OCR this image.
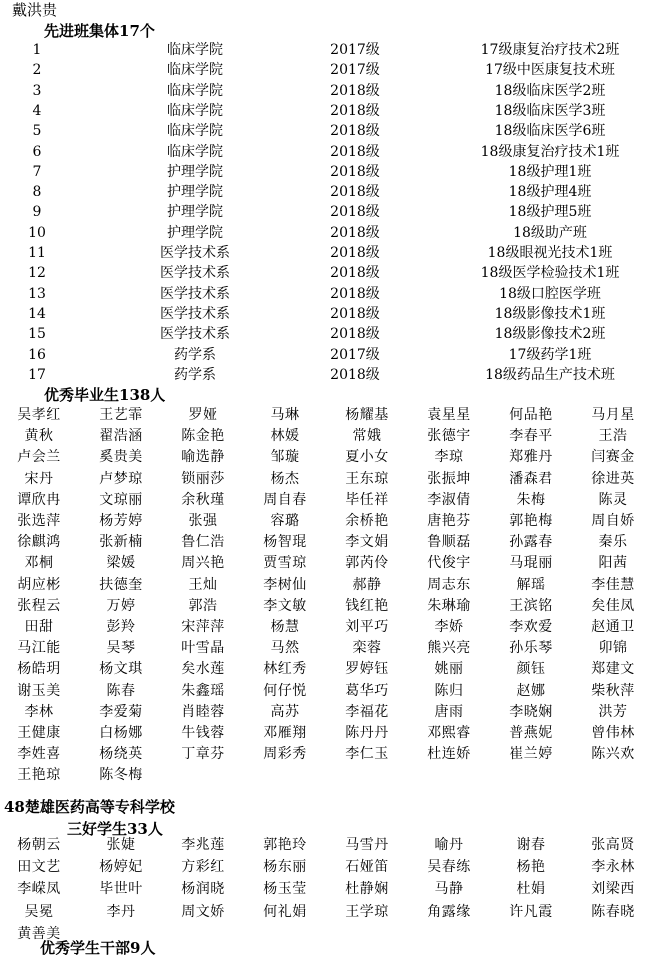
戴洪贵
先进班集体17个
1	临床学院	2017级	17级康复治疗技术2班
2	临床学院	2017级	17级中医康复技术班
3	临床学院	2018级	18级临床医学2班
4	临床学院	2018级	18级临床医学3班
5	临床学院	2018级	18级临床医学6班
6	临床学院	2018级	18级康复治疗技术1班
7	护理学院	2018级	18级护理1班
8	护理学院	2018级	18级护理4班
9	护理学院	2018级	18级护理5班
10	护理学院	2018级	18级助产班
11	医学技术系	2018级	18级眼视光技术1班
12	医学技术系	2018级	18级医学检验技术1班
13	医学技术系	2018级	18级口腔医学班
14	医学技术系	2018级	18级影像技术1班
15	医学技术系	2018级	18级影像技术2班
16	药学系	2017级	17级药学1班
17	药学系	2018级	18级药品生产技术班
优秀毕业生138人
吴孝红	王艺霏	罗娅	马琳	杨耀基	袁星星	何品艳	马月星
黄秋	翟浩涵	陈金艳	林媛	常娥	张德宇	李春平	王浩
卢会兰	奚贵美	喻选静	邹璇	夏小女	李琼	郑雅丹	闫赛金
宋丹	卢梦琼	锁丽莎	杨杰	王东琼	张振坤	潘森君	徐进英
谭欣冉	文琼丽	余秋瑾	周自春	毕任祥	李淑倩	朱梅	陈灵
张选萍	杨芳婷	张强	容璐	余桥艳	唐艳芬	郭艳梅	周自娇
徐麒鸿	张新楠	鲁仁浩	杨智琨	李文娟	鲁顺磊	孙露春	秦乐
邓桐	梁媛	周兴艳	贾雪琼	郭芮伶	代俊宇	马琨丽	阳茜
胡应彬	扶德奎	王灿	李树仙	郝静	周志东	解瑶	李佳慧
张程云	万婷	郭浩	李文敏	钱红艳	朱琳瑜	王滨铭	矣佳凤
田甜	彭羚	宋萍萍	杨慧	刘平巧	李娇	李欢爱	赵通卫
马江能	吴琴	叶雪晶	马然	栾蓉	熊兴亮	孙乐琴	卯锦
杨皓玥	杨文琪	矣水莲	林红秀	罗婷钰	姚丽	颜钰	郑建文
谢玉美	陈春	朱鑫瑶	何仔悦	葛华巧	陈归	赵娜	柴秋萍
李林	李爱菊	肖睦蓉	高苏	李福花	唐雨	李晓娴	洪芳
王健康	白杨娜	牛钱蓉	邓雁翔	陈丹丹	邓熙睿	普燕妮	曾伟林
李姓喜	杨绕英	丁章芬	周彩秀	李仁玉	杜连娇	崔兰婷	陈兴欢
王艳琼	陈冬梅
48楚雄医药高等专科学校
三好学生33人
杨朝云	张婕	李兆莲	郭艳玲	马雪丹	喻丹	谢春	张高贤
田文艺	杨婷妃	方彩红	杨东丽	石娅笛	吴春练	杨艳	李永林
李嵘凤	毕世叶	杨润晓	杨玉莹	杜静娴	马静	杜娟	刘梁西
吴冕	李丹	周文娇	何礼娟	王学琼	角露缘	许凡霞	陈春晓
黄善美
优秀学生干部9人
